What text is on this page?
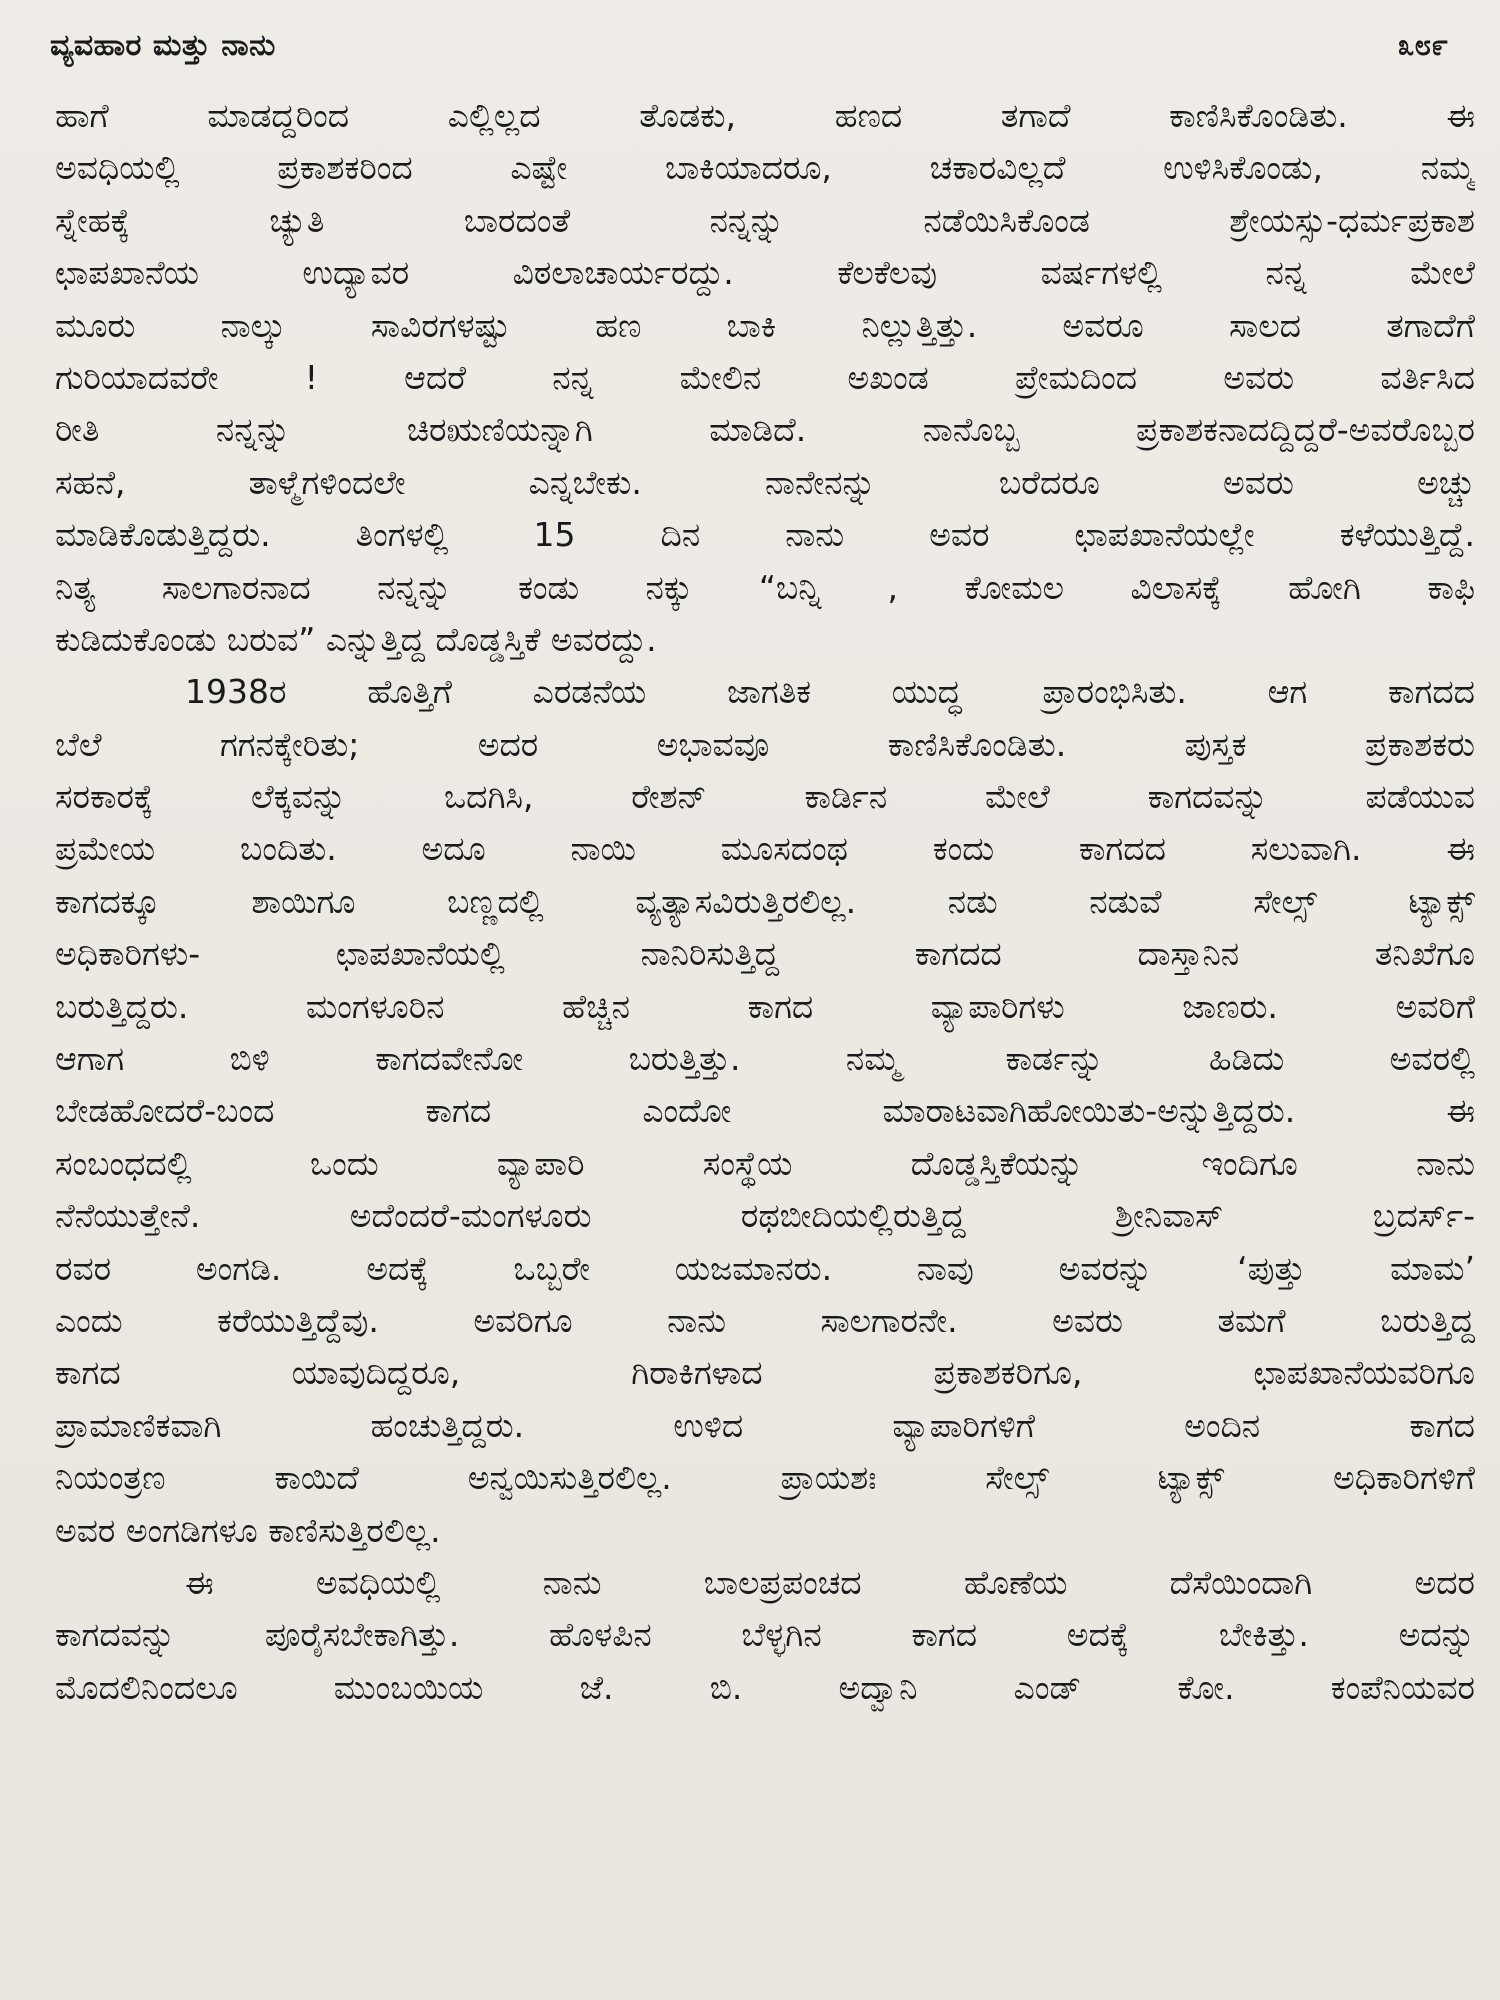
ವ್ಯವಹಾರ ಮತ್ತು ನಾನು	೩೮೯
ಹಾಗೆ ಮಾಡದ್ದರಿಂದ ಎಲ್ಲಿಲ್ಲದ ತೊಡಕು, ಹಣದ ತಗಾದೆ ಕಾಣಿಸಿಕೊಂಡಿತು. ಈ
ಅವಧಿಯಲ್ಲಿ ಪ್ರಕಾಶಕರಿಂದ ಎಷ್ಟೇ ಬಾಕಿಯಾದರೂ, ಚಕಾರವಿಲ್ಲದೆ ಉಳಿಸಿಕೊಂಡು, ನಮ್ಮ
ಸ್ನೇಹಕ್ಕೆ ಚ್ಯುತಿ ಬಾರದಂತೆ ನನ್ನನ್ನು ನಡೆಯಿಸಿಕೊಂಡ ಶ್ರೇಯಸ್ಸು-ಧರ್ಮಪ್ರಕಾಶ
ಛಾಪಖಾನೆಯ ಉದ್ಯಾವರ ವಿಠಲಾಚಾರ್ಯರದ್ದು. ಕೆಲಕೆಲವು ವರ್ಷಗಳಲ್ಲಿ ನನ್ನ ಮೇಲೆ
ಮೂರು ನಾಲ್ಕು ಸಾವಿರಗಳಷ್ಟು ಹಣ ಬಾಕಿ ನಿಲ್ಲುತ್ತಿತ್ತು. ಅವರೂ ಸಾಲದ ತಗಾದೆಗೆ
ಗುರಿಯಾದವರೇ ! ಆದರೆ ನನ್ನ ಮೇಲಿನ ಅಖಂಡ ಪ್ರೇಮದಿಂದ ಅವರು ವರ್ತಿಸಿದ
ರೀತಿ ನನ್ನನ್ನು ಚಿರಋಣಿಯನ್ನಾಗಿ ಮಾಡಿದೆ. ನಾನೊಬ್ಬ ಪ್ರಕಾಶಕನಾದದ್ದಿದ್ದರೆ-ಅವರೊಬ್ಬರ
ಸಹನೆ, ತಾಳ್ಮೆಗಳಿಂದಲೇ ಎನ್ನಬೇಕು. ನಾನೇನನ್ನು ಬರೆದರೂ ಅವರು ಅಚ್ಚು
ಮಾಡಿಕೊಡುತ್ತಿದ್ದರು. ತಿಂಗಳಲ್ಲಿ 15 ದಿನ ನಾನು ಅವರ ಛಾಪಖಾನೆಯಲ್ಲೇ ಕಳೆಯುತ್ತಿದ್ದೆ.
ನಿತ್ಯ ಸಾಲಗಾರನಾದ ನನ್ನನ್ನು ಕಂಡು ನಕ್ಕು “ಬನ್ನಿ , ಕೋಮಲ ವಿಲಾಸಕ್ಕೆ ಹೋಗಿ ಕಾಫಿ
ಕುಡಿದುಕೊಂಡು ಬರುವ” ಎನ್ನುತ್ತಿದ್ದ ದೊಡ್ಡಸ್ತಿಕೆ ಅವರದ್ದು.
1938ರ ಹೊತ್ತಿಗೆ ಎರಡನೆಯ ಜಾಗತಿಕ ಯುದ್ಧ ಪ್ರಾರಂಭಿಸಿತು. ಆಗ ಕಾಗದದ
ಬೆಲೆ ಗಗನಕ್ಕೇರಿತು; ಅದರ ಅಭಾವವೂ ಕಾಣಿಸಿಕೊಂಡಿತು. ಪುಸ್ತಕ ಪ್ರಕಾಶಕರು
ಸರಕಾರಕ್ಕೆ ಲೆಕ್ಕವನ್ನು ಒದಗಿಸಿ, ರೇಶನ್ ಕಾರ್ಡಿನ ಮೇಲೆ ಕಾಗದವನ್ನು ಪಡೆಯುವ
ಪ್ರಮೇಯ ಬಂದಿತು. ಅದೂ ನಾಯಿ ಮೂಸದಂಥ ಕಂದು ಕಾಗದದ ಸಲುವಾಗಿ. ಈ
ಕಾಗದಕ್ಕೂ ಶಾಯಿಗೂ ಬಣ್ಣದಲ್ಲಿ ವ್ಯತ್ಯಾಸವಿರುತ್ತಿರಲಿಲ್ಲ. ನಡು ನಡುವೆ ಸೇಲ್ಸ್ ಟ್ಯಾಕ್ಸ್
ಅಧಿಕಾರಿಗಳು- ಛಾಪಖಾನೆಯಲ್ಲಿ ನಾನಿರಿಸುತ್ತಿದ್ದ ಕಾಗದದ ದಾಸ್ತಾನಿನ ತನಿಖೆಗೂ
ಬರುತ್ತಿದ್ದರು. ಮಂಗಳೂರಿನ ಹೆಚ್ಚಿನ ಕಾಗದ ವ್ಯಾಪಾರಿಗಳು ಜಾಣರು. ಅವರಿಗೆ
ಆಗಾಗ ಬಿಳಿ ಕಾಗದವೇನೋ ಬರುತ್ತಿತ್ತು. ನಮ್ಮ ಕಾರ್ಡನ್ನು ಹಿಡಿದು ಅವರಲ್ಲಿ
ಬೇಡಹೋದರೆ-ಬಂದ ಕಾಗದ ಎಂದೋ ಮಾರಾಟವಾಗಿಹೋಯಿತು-ಅನ್ನುತ್ತಿದ್ದರು. ಈ
ಸಂಬಂಧದಲ್ಲಿ ಒಂದು ವ್ಯಾಪಾರಿ ಸಂಸ್ಥೆಯ ದೊಡ್ಡಸ್ತಿಕೆಯನ್ನು ಇಂದಿಗೂ ನಾನು
ನೆನೆಯುತ್ತೇನೆ. ಅದೆಂದರೆ-ಮಂಗಳೂರು ರಥಬೀದಿಯಲ್ಲಿರುತ್ತಿದ್ದ ಶ್ರೀನಿವಾಸ್ ಬ್ರದರ್ಸ್-
ರವರ ಅಂಗಡಿ. ಅದಕ್ಕೆ ಒಬ್ಬರೇ ಯಜಮಾನರು. ನಾವು ಅವರನ್ನು ‘ಪುತ್ತು ಮಾಮ’
ಎಂದು ಕರೆಯುತ್ತಿದ್ದೆವು. ಅವರಿಗೂ ನಾನು ಸಾಲಗಾರನೇ. ಅವರು ತಮಗೆ ಬರುತ್ತಿದ್ದ
ಕಾಗದ ಯಾವುದಿದ್ದರೂ, ಗಿರಾಕಿಗಳಾದ ಪ್ರಕಾಶಕರಿಗೂ, ಛಾಪಖಾನೆಯವರಿಗೂ
ಪ್ರಾಮಾಣಿಕವಾಗಿ ಹಂಚುತ್ತಿದ್ದರು. ಉಳಿದ ವ್ಯಾಪಾರಿಗಳಿಗೆ ಅಂದಿನ ಕಾಗದ
ನಿಯಂತ್ರಣ ಕಾಯಿದೆ ಅನ್ವಯಿಸುತ್ತಿರಲಿಲ್ಲ. ಪ್ರಾಯಶಃ ಸೇಲ್ಸ್ ಟ್ಯಾಕ್ಸ್ ಅಧಿಕಾರಿಗಳಿಗೆ
ಅವರ ಅಂಗಡಿಗಳೂ ಕಾಣಿಸುತ್ತಿರಲಿಲ್ಲ.
ಈ ಅವಧಿಯಲ್ಲಿ ನಾನು ಬಾಲಪ್ರಪಂಚದ ಹೊಣೆಯ ದೆಸೆಯಿಂದಾಗಿ ಅದರ
ಕಾಗದವನ್ನು ಪೂರೈಸಬೇಕಾಗಿತ್ತು. ಹೊಳಪಿನ ಬೆಳ್ಳಗಿನ ಕಾಗದ ಅದಕ್ಕೆ ಬೇಕಿತ್ತು. ಅದನ್ನು
ಮೊದಲಿನಿಂದಲೂ ಮುಂಬಯಿಯ ಜೆ. ಬಿ. ಅದ್ವಾನಿ ಎಂಡ್ ಕೋ. ಕಂಪೆನಿಯವರ
